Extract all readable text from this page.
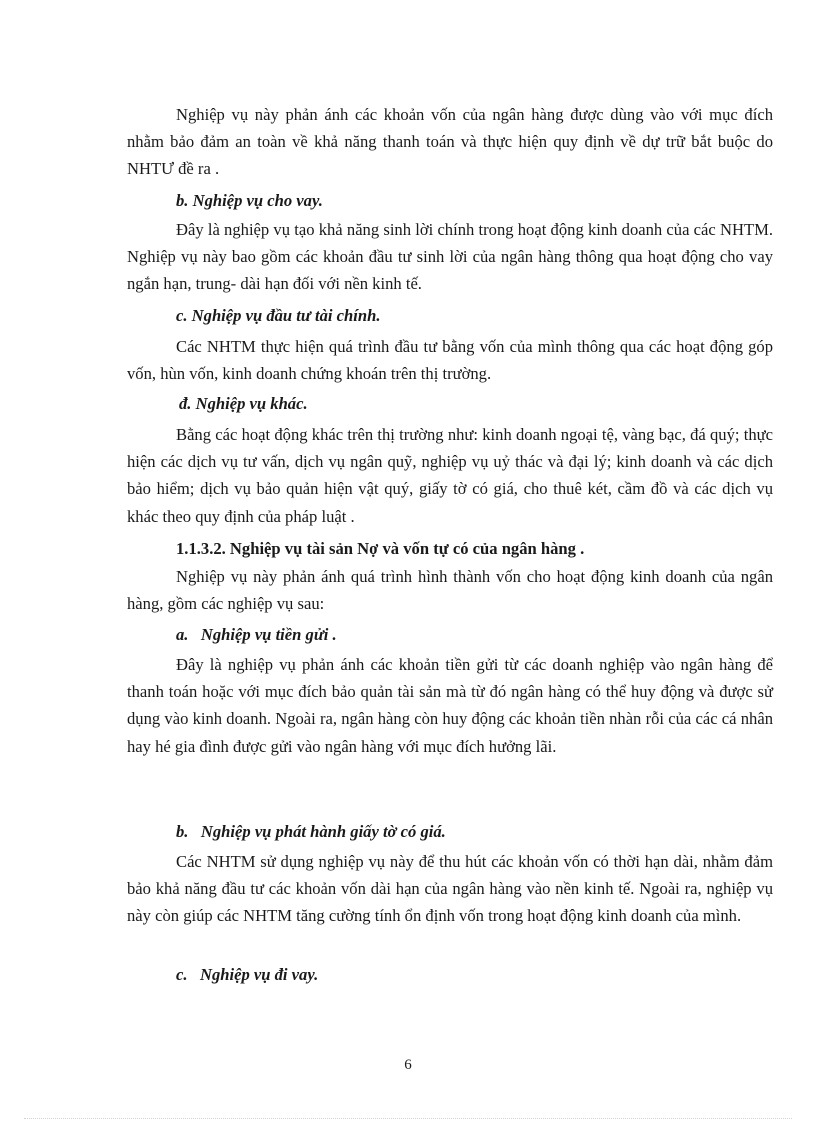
Nghiệp vụ này phản ánh các khoản vốn của ngân hàng được dùng vào với mục đích nhằm bảo đảm an toàn về khả năng thanh toán và thực hiện quy định về dự trữ bắt buộc do NHTƯ đề ra .

b. Nghiệp vụ cho vay.

Đây là nghiệp vụ tạo khả năng sinh lời chính trong hoạt động kinh doanh của các NHTM. Nghiệp vụ này bao gồm các khoản đầu tư sinh lời của ngân hàng thông qua hoạt động cho vay ngắn hạn, trung- dài hạn đối với nền kinh tế.

c. Nghiệp vụ đầu tư tài chính.

Các NHTM thực hiện quá trình đầu tư bằng vốn của mình thông qua các hoạt động góp vốn, hùn vốn, kinh doanh chứng khoán trên thị trường.

đ. Nghiệp vụ khác.

Bằng các hoạt động khác trên thị trường như: kinh doanh ngoại tệ, vàng bạc, đá quý; thực hiện các dịch vụ tư vấn, dịch vụ ngân quỹ, nghiệp vụ uỷ thác và đại lý; kinh doanh và các dịch bảo hiểm; dịch vụ bảo quản hiện vật quý, giấy tờ có giá, cho thuê két, cầm đồ và các dịch vụ khác theo quy định của pháp luật .

1.1.3.2. Nghiệp vụ tài sản Nợ và vốn tự có của ngân hàng .

Nghiệp vụ này phản ánh quá trình hình thành vốn cho hoạt động kinh doanh của ngân hàng, gồm các nghiệp vụ sau:

a.   Nghiệp vụ tiền gửi .

Đây là nghiệp vụ phản ánh các khoản tiền gửi từ các doanh nghiệp vào ngân hàng để thanh toán hoặc với mục đích bảo quản tài sản mà từ đó ngân hàng có thể huy động và được sử dụng vào kinh doanh. Ngoài ra, ngân hàng còn huy động các khoản tiền nhàn rỗi của các cá nhân hay hé gia đình được gửi vào ngân hàng với mục đích hưởng lãi.

b.   Nghiệp vụ phát hành giấy tờ có giá.

Các NHTM sử dụng nghiệp vụ này để thu hút các khoản vốn có thời hạn dài, nhằm đảm bảo khả năng đầu tư các khoản vốn dài hạn của ngân hàng vào nền kinh tế. Ngoài ra, nghiệp vụ này còn giúp các NHTM tăng cường tính ổn định vốn trong hoạt động kinh doanh của mình.

c.   Nghiệp vụ đi vay.

6
